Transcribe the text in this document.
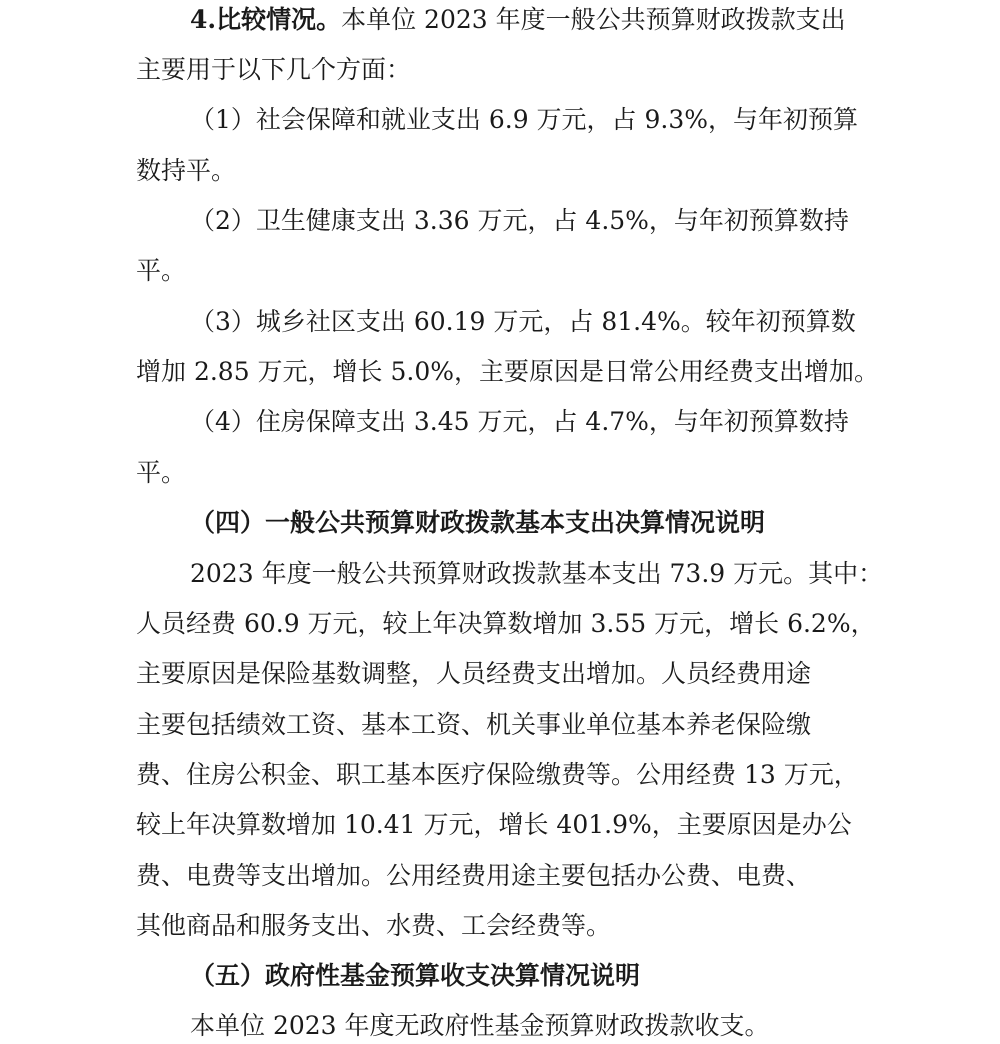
4.比较情况。本单位 2023 年度一般公共预算财政拨款支出
主要用于以下几个方面：
（1）社会保障和就业支出 6.9 万元，占 9.3%，与年初预算
数持平。
（2）卫生健康支出 3.36 万元，占 4.5%，与年初预算数持
平。
（3）城乡社区支出 60.19 万元，占 81.4%。较年初预算数
增加 2.85 万元，增长 5.0%，主要原因是日常公用经费支出增加。
（4）住房保障支出 3.45 万元，占 4.7%，与年初预算数持
平。
（四）一般公共预算财政拨款基本支出决算情况说明
2023 年度一般公共预算财政拨款基本支出 73.9 万元。其中：
人员经费 60.9 万元，较上年决算数增加 3.55 万元，增长 6.2%，
主要原因是保险基数调整，人员经费支出增加。人员经费用途
主要包括绩效工资、基本工资、机关事业单位基本养老保险缴
费、住房公积金、职工基本医疗保险缴费等。公用经费 13 万元，
较上年决算数增加 10.41 万元，增长 401.9%，主要原因是办公
费、电费等支出增加。公用经费用途主要包括办公费、电费、
其他商品和服务支出、水费、工会经费等。
（五）政府性基金预算收支决算情况说明
本单位 2023 年度无政府性基金预算财政拨款收支。
